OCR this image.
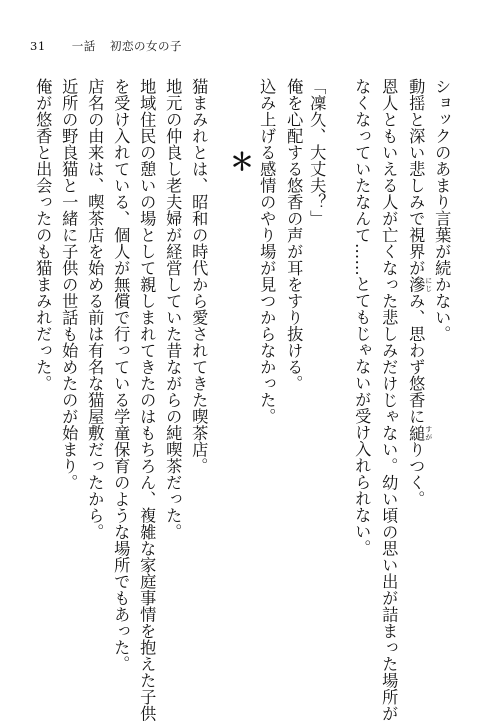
31 一話 初恋の女の子
ショックのあまり言葉が続かない。
動揺と深い悲しみで視界が滲 にじみ、思わず悠香に縋 すがりつく。
恩人ともいえる人が亡くなった悲しみだけじゃない。幼い頃の思い出が詰まった場所が
なくなっていたなんて……とてもじゃないが受け入れられない。
「凜久、大丈夫？」
俺を心配する悠香の声が耳をすり抜ける。
込み上げる感情のやり場が見つからなかった。
＊
猫まみれとは、昭和の時代から愛されてきた喫茶店。
地元の仲良し老夫婦が経営していた昔ながらの純喫茶だった。
地域住民の憩いの場として親しまれてきたのはもちろん、複雑な家庭事情を抱えた子供
を受け入れている、個人が無償で行っている学童保育のような場所でもあった。
店名の由来は、喫茶店を始める前は有名な猫屋敷だったから。
近所の野良猫と一緒に子供の世話も始めたのが始まり。
俺が悠香と出会ったのも猫まみれだった。
